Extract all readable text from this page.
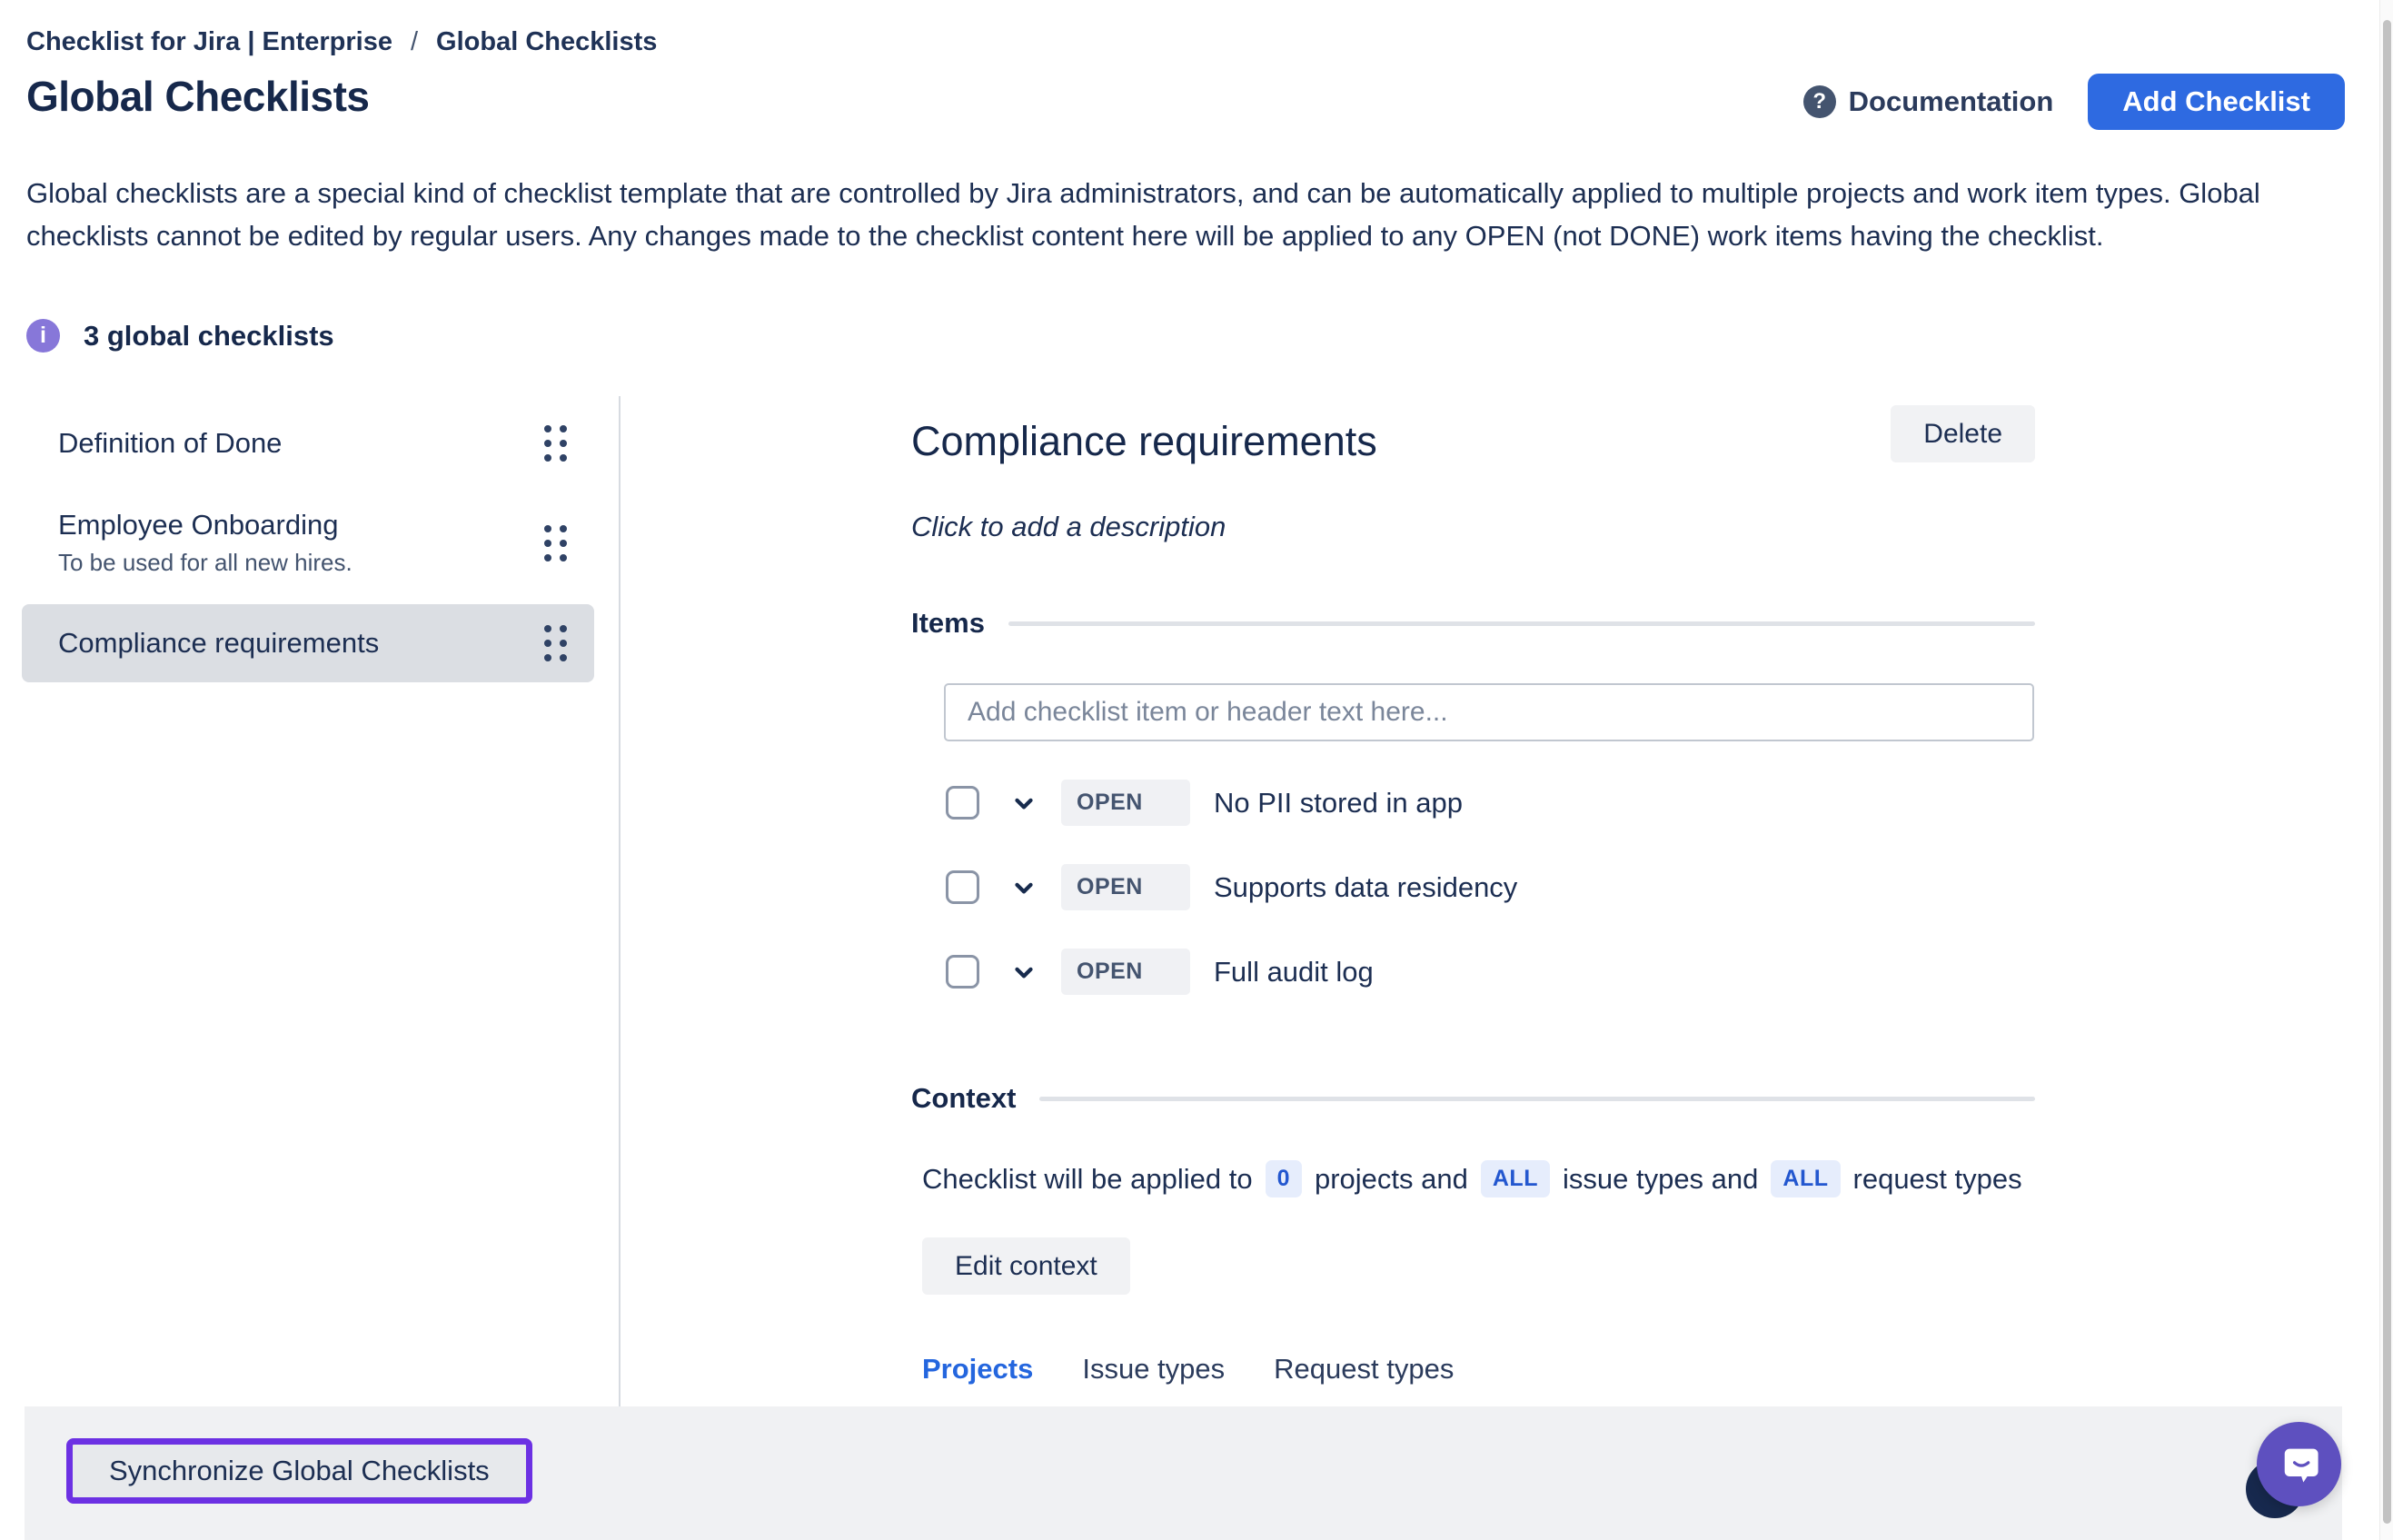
Checklist for Jira | Enterprise / Global Checklists
Global Checklists	? Documentation	Add Checklist

Global checklists are a special kind of checklist template that are controlled by Jira administrators, and can be automatically applied to multiple projects and work item types. Global checklists cannot be edited by regular users. Any changes made to the checklist content here will be applied to any OPEN (not DONE) work items having the checklist.

i	3 global checklists
Definition of Done
Employee Onboarding
To be used for all new hires.
Compliance requirements
Compliance requirements	Delete
Click to add a description
Items
Add checklist item or header text here...
OPEN	No PII stored in app
OPEN	Supports data residency
OPEN	Full audit log
Context
Checklist will be applied to	0 projects and	ALL issue types and	ALL request types
Edit context
Projects Issue types Request types
Synchronize Global Checklists
